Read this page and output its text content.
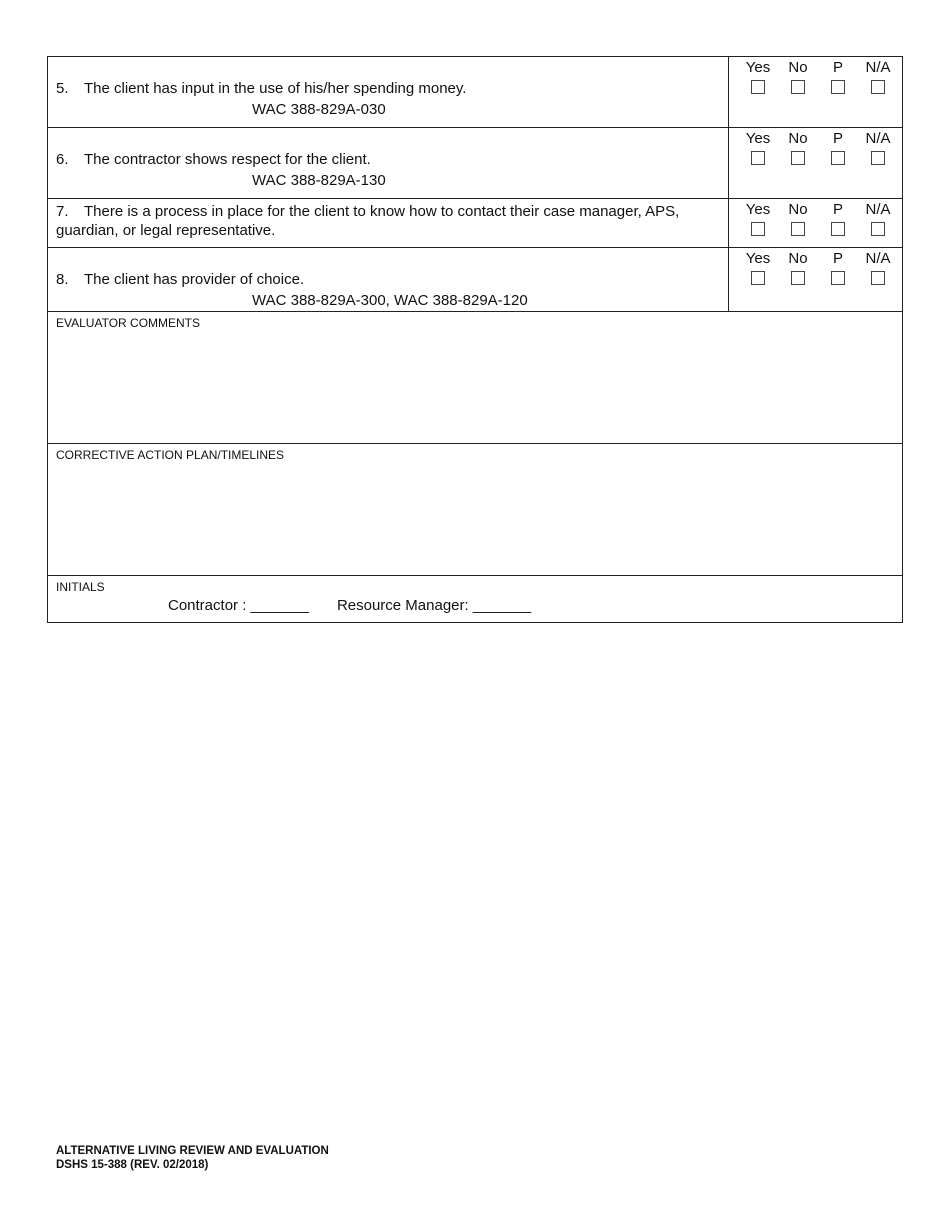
5. The client has input in the use of his/her spending money.
WAC 388-829A-030
Yes No P N/A
6. The contractor shows respect for the client.
WAC 388-829A-130
Yes No P N/A
7. There is a process in place for the client to know how to contact their case manager, APS,
guardian, or legal representative.
Yes No P N/A
8. The client has provider of choice.
WAC 388-829A-300, WAC 388-829A-120
Yes No P N/A
EVALUATOR COMMENTS
CORRECTIVE ACTION PLAN/TIMELINES
INITIALS
Contractor : _______ Resource Manager: _______
ALTERNATIVE LIVING REVIEW AND EVALUATION
DSHS 15-388 (REV. 02/2018)
